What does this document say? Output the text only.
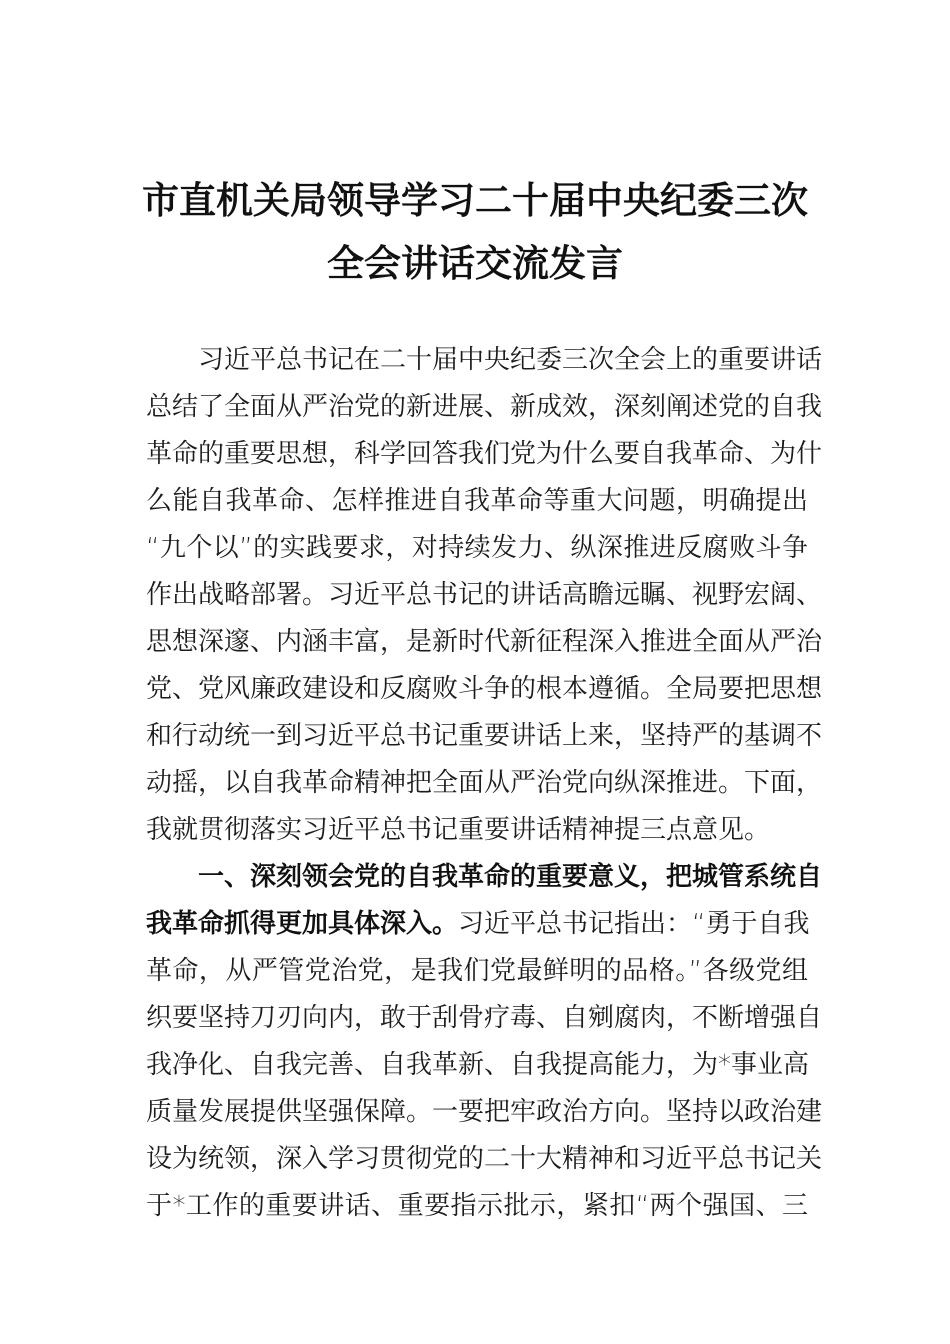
市直机关局领导学习二十届中央纪委三次
全会讲话交流发言
习近平总书记在二十届中央纪委三次全会上的重要讲话
总结了全面从严治党的新进展、新成效，深刻阐述党的自我
革命的重要思想，科学回答我们党为什么要自我革命、为什
么能自我革命、怎样推进自我革命等重大问题，明确提出
“九个以”的实践要求，对持续发力、纵深推进反腐败斗争
作出战略部署。习近平总书记的讲话高瞻远瞩、视野宏阔、
思想深邃、内涵丰富，是新时代新征程深入推进全面从严治
党、党风廉政建设和反腐败斗争的根本遵循。全局要把思想
和行动统一到习近平总书记重要讲话上来，坚持严的基调不
动摇，以自我革命精神把全面从严治党向纵深推进。下面，
我就贯彻落实习近平总书记重要讲话精神提三点意见。
一、深刻领会党的自我革命的重要意义，把城管系统自
我革命抓得更加具体深入。习近平总书记指出：“勇于自我
革命，从严管党治党，是我们党最鲜明的品格。”各级党组
织要坚持刀刃向内，敢于刮骨疗毒、自剜腐肉，不断增强自
我净化、自我完善、自我革新、自我提高能力，为*事业高
质量发展提供坚强保障。一要把牢政治方向。坚持以政治建
设为统领，深入学习贯彻党的二十大精神和习近平总书记关
于*工作的重要讲话、重要指示批示，紧扣“两个强国、三
